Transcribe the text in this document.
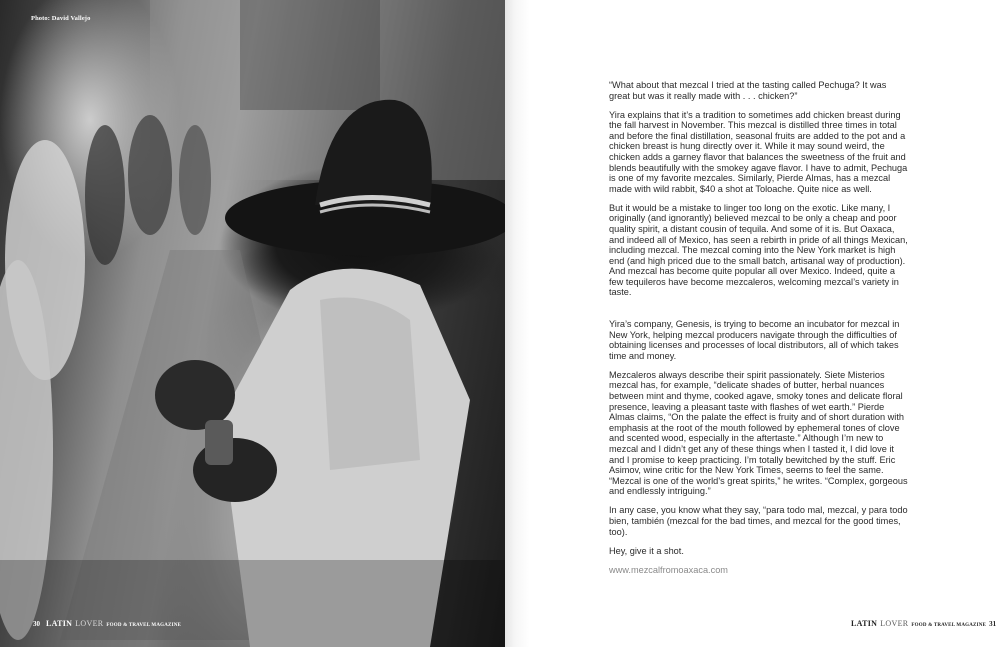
Photo: David Vallejo
30 LATIN LOVER FOOD & TRAVEL MAGAZINE

“What about that mezcal I tried at the tasting called Pechuga? It was great but was it really made with . . . chicken?”

Yira explains that it’s a tradition to sometimes add chicken breast during the fall harvest in November. This mezcal is distilled three times in total and before the final distillation, seasonal fruits are added to the pot and a chicken breast is hung directly over it. While it may sound weird, the chicken adds a garney flavor that balances the sweetness of the fruit and blends beautifully with the smokey agave flavor. I have to admit, Pechuga is one of my favorite mezcales. Similarly, Pierde Almas, has a mezcal made with wild rabbit, $40 a shot at Toloache. Quite nice as well.

But it would be a mistake to linger too long on the exotic. Like many, I originally (and ignorantly) believed mezcal to be only a cheap and poor quality spirit, a distant cousin of tequila. And some of it is. But Oaxaca, and indeed all of Mexico, has seen a rebirth in pride of all things Mexican, including mezcal. The mezcal coming into the New York market is high end (and high priced due to the small batch, artisanal way of production). And mezcal has become quite popular all over Mexico. Indeed, quite a few tequileros have become mezcaleros, welcoming mezcal’s variety in taste.

Yira’s company, Genesis, is trying to become an incubator for mezcal in New York, helping mezcal producers navigate through the difficulties of obtaining licenses and processes of local distributors, all of which takes time and money.

Mezcaleros always describe their spirit passionately. Siete Misterios mezcal has, for example, “delicate shades of butter, herbal nuances between mint and thyme, cooked agave, smoky tones and delicate floral presence, leaving a pleasant taste with flashes of wet earth.” Pierde Almas claims, “On the palate the effect is fruity and of short duration with emphasis at the root of the mouth followed by ephemeral tones of clove and scented wood, especially in the aftertaste.” Although I’m new to mezcal and I didn’t get any of these things when I tasted it, I did love it and I promise to keep practicing. I’m totally bewitched by the stuff. Eric Asimov, wine critic for the New York Times, seems to feel the same. “Mezcal is one of the world’s great spirits,” he writes. “Complex, gorgeous and endlessly intriguing.”

In any case, you know what they say, “para todo mal, mezcal, y para todo bien, también (mezcal for the bad times, and mezcal for the good times, too).

Hey, give it a shot.

www.mezcalfromoaxaca.com

LATIN LOVER FOOD & TRAVEL MAGAZINE 31
